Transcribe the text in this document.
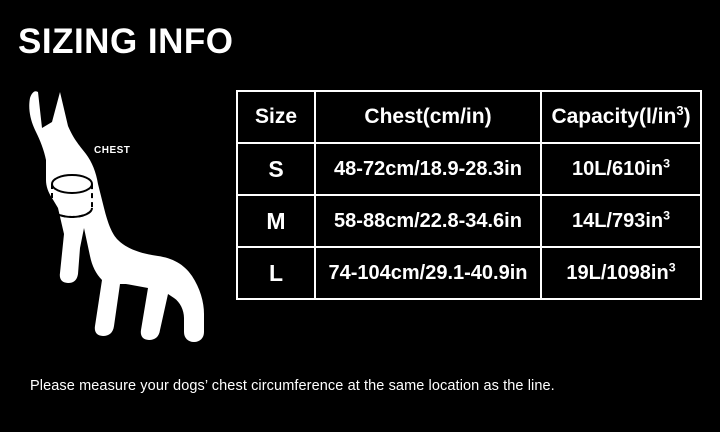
SIZING INFO
CHEST
Size	Chest(cm/in)	$Capacity(l/in^3)$
S	48-72cm/18.9-28.3in	$10L/610in^3$
M	58-88cm/22.8-34.6in	$14L/793in^3$
L	74-104cm/29.1-40.9in	$19L/1098in^3$
Please measure your dogs’ chest circumference at the same location as the line.
